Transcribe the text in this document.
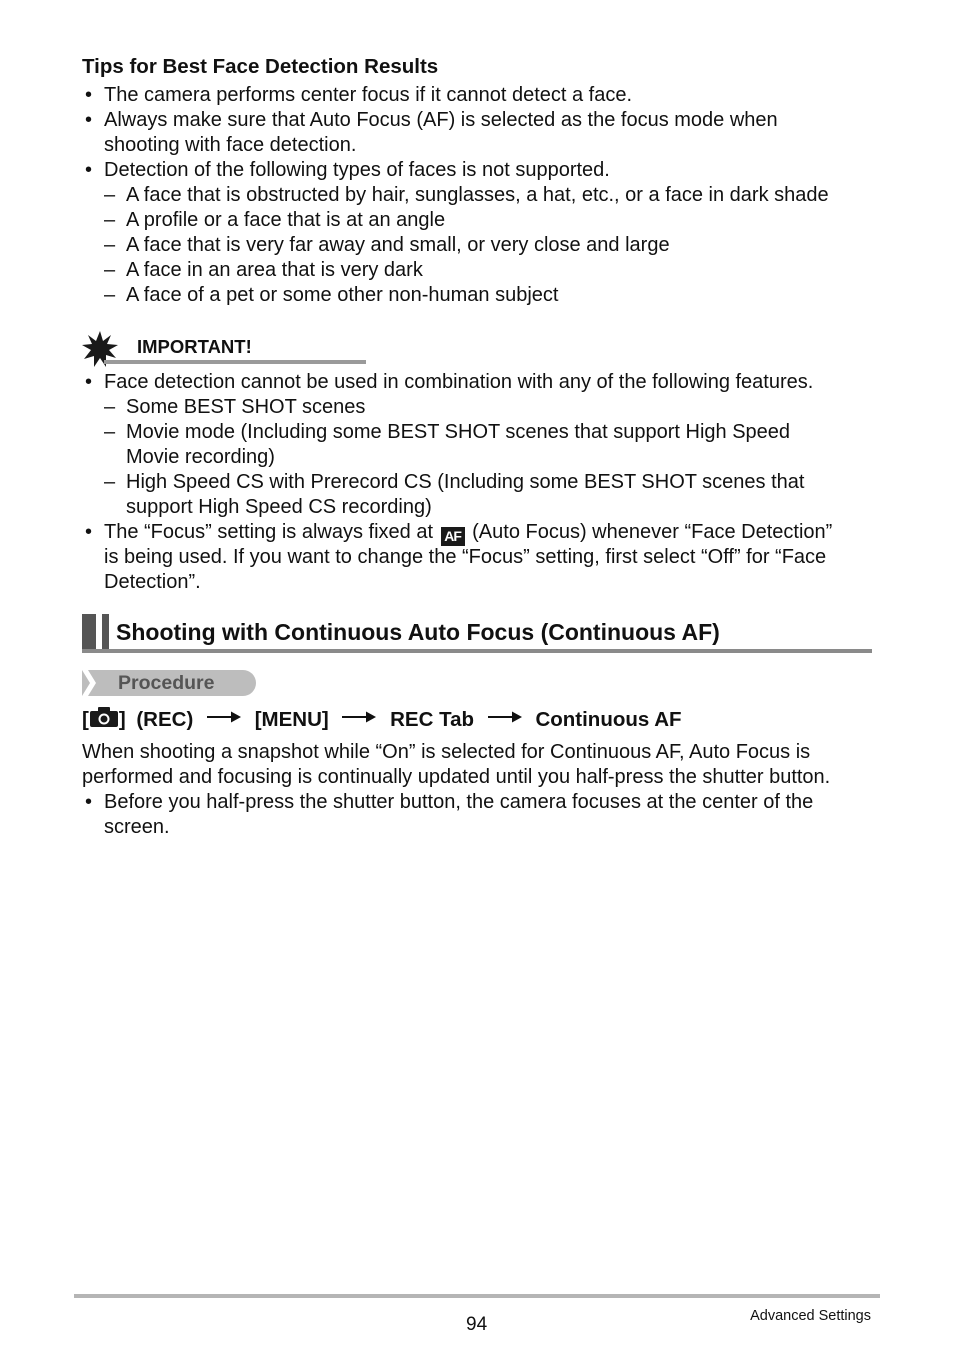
Tips for Best Face Detection Results
• The camera performs center focus if it cannot detect a face.
• Always make sure that Auto Focus (AF) is selected as the focus mode when
shooting with face detection.
• Detection of the following types of faces is not supported.
– A face that is obstructed by hair, sunglasses, a hat, etc., or a face in dark shade
– A profile or a face that is at an angle
– A face that is very far away and small, or very close and large
– A face in an area that is very dark
– A face of a pet or some other non-human subject
IMPORTANT!
• Face detection cannot be used in combination with any of the following features.
– Some BEST SHOT scenes
– Movie mode (Including some BEST SHOT scenes that support High Speed
Movie recording)
– High Speed CS with Prerecord CS (Including some BEST SHOT scenes that
support High Speed CS recording)
• The “Focus” setting is always fixed at AF (Auto Focus) whenever “Face Detection”
is being used. If you want to change the “Focus” setting, first select “Off” for “Face
Detection”.
Shooting with Continuous Auto Focus (Continuous AF)
Procedure
[ ] (REC)	[MENU]	REC Tab	Continuous AF
When shooting a snapshot while “On” is selected for Continuous AF, Auto Focus is
performed and focusing is continually updated until you half-press the shutter button.
• Before you half-press the shutter button, the camera focuses at the center of the
screen.
94	Advanced Settings
